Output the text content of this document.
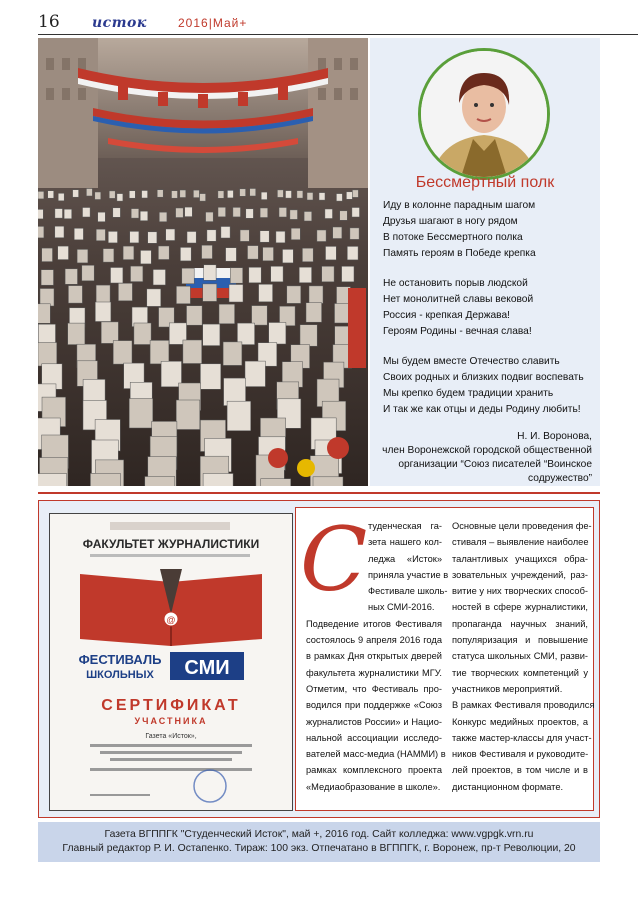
16 исток	2016|Май+
Бессмертный полк

Иду в колонне парадным шагом
Друзья шагают в ногу рядом
В потоке Бессмертного полка
Память героям в Победе крепка

Не остановить порыв людской
Нет монолитней славы вековой
Россия - крепкая Держава!
Героям Родины - вечная слава!

Мы будем вместе Отечество славить
Своих родных и близких подвиг воспевать
Мы крепко будем традиции хранить
И так же как отцы и деды Родину любить!

Н. И. Воронова,
член Воронежской городской общественной
организации “Союз писателей “Воинское
содружество”
ФАКУЛЬТЕТ ЖУРНАЛИСТИКИ
@
ФЕСТИВАЛЬ
ШКОЛЬНЫХ СМИ
СЕРТИФИКАТ
УЧАСТНИКА
Газета «Исток»,
С туденческая га-
зета нашего кол-
леджа «Исток»
приняла участие в
Фестивале школь-
ных СМИ-2016.
Подведение итогов Фестиваля
состоялось 9 апреля 2016 года
в рамках Дня открытых дверей
факультета журналистики МГУ.
Отметим, что Фестиваль про-
водился при поддержке «Союз
журналистов России» и Нацио-
нальной ассоциации исследо-
вателей масс-медиа (НАММИ) в
рамках комплексного проекта
«Медиаобразование в школе».
Основные цели проведения фе-
стиваля – выявление наиболее
талантливых учащихся обра-
зовательных учреждений, раз-
витие у них творческих способ-
ностей в сфере журналистики,
пропаганда научных знаний,
популяризация и повышение
статуса школьных СМИ, разви-
тие творческих компетенций у
участников мероприятий.
В рамках Фестиваля проводился
Конкурс медийных проектов, а
также мастер-классы для участ-
ников Фестиваля и руководите-
лей проектов, в том числе и в
дистанционном формате.
Газета ВГППГК "Студенческий Исток", май +, 2016 год. Сайт колледжа: www.vgpgk.vrn.ru
Главный редактор Р. И. Остапенко. Тираж: 100 экз. Отпечатано в ВГППГК, г. Воронеж, пр-т Революции, 20
